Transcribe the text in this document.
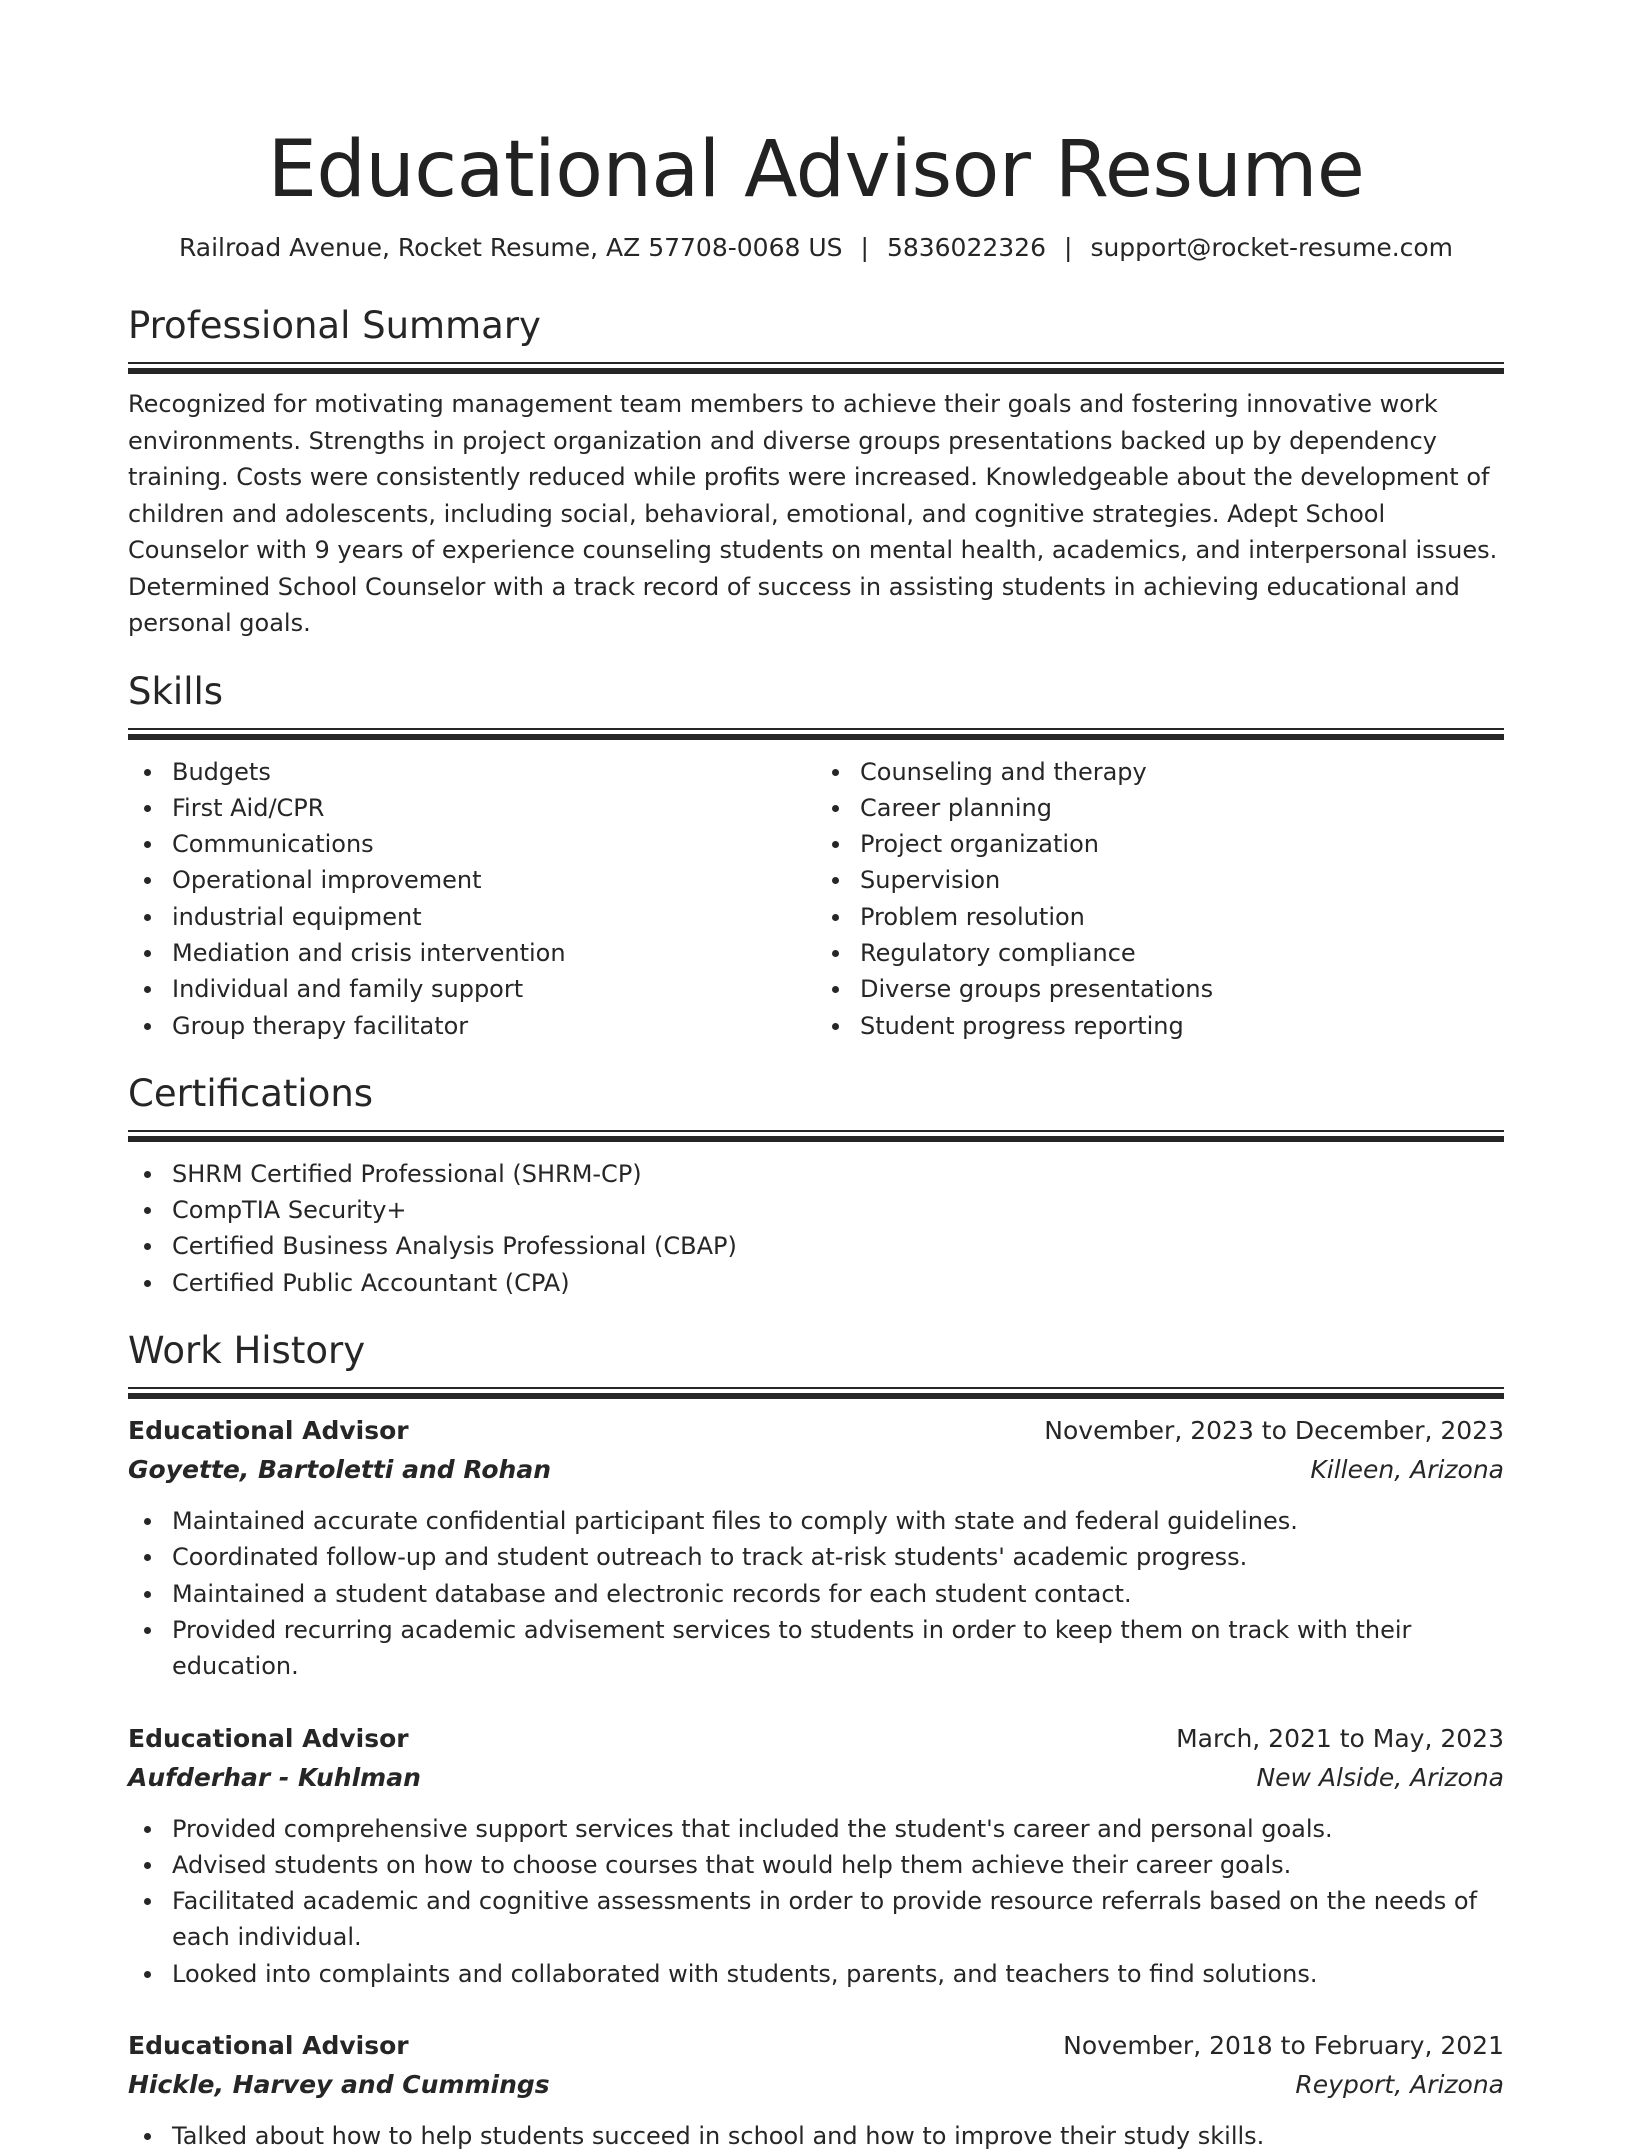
Educational Advisor Resume
Railroad Avenue, Rocket Resume, AZ 57708-0068 US | 5836022326 | support@rocket-resume.com
Professional Summary

Recognized for motivating management team members to achieve their goals and fostering innovative work environments. Strengths in project organization and diverse groups presentations backed up by dependency training. Costs were consistently reduced while profits were increased. Knowledgeable about the development of children and adolescents, including social, behavioral, emotional, and cognitive strategies. Adept School Counselor with 9 years of experience counseling students on mental health, academics, and interpersonal issues. Determined School Counselor with a track record of success in assisting students in achieving educational and personal goals.

Skills
Budgets
First Aid/CPR
Communications
Operational improvement
industrial equipment
Mediation and crisis intervention
Individual and family support
Group therapy facilitator
Counseling and therapy
Career planning
Project organization
Supervision
Problem resolution
Regulatory compliance
Diverse groups presentations
Student progress reporting
Certifications
SHRM Certified Professional (SHRM-CP)
CompTIA Security+
Certified Business Analysis Professional (CBAP)
Certified Public Accountant (CPA)
Work History
Educational Advisor	November, 2023 to December, 2023
Goyette, Bartoletti and Rohan	Killeen, Arizona
Maintained accurate confidential participant files to comply with state and federal guidelines.
Coordinated follow-up and student outreach to track at-risk students' academic progress.
Maintained a student database and electronic records for each student contact.
Provided recurring academic advisement services to students in order to keep them on track with their education.
Educational Advisor	March, 2021 to May, 2023
Aufderhar - Kuhlman	New Alside, Arizona
Provided comprehensive support services that included the student's career and personal goals.
Advised students on how to choose courses that would help them achieve their career goals.
Facilitated academic and cognitive assessments in order to provide resource referrals based on the needs of each individual.
Looked into complaints and collaborated with students, parents, and teachers to find solutions.
Educational Advisor	November, 2018 to February, 2021
Hickle, Harvey and Cummings	Reyport, Arizona
Talked about how to help students succeed in school and how to improve their study skills.
